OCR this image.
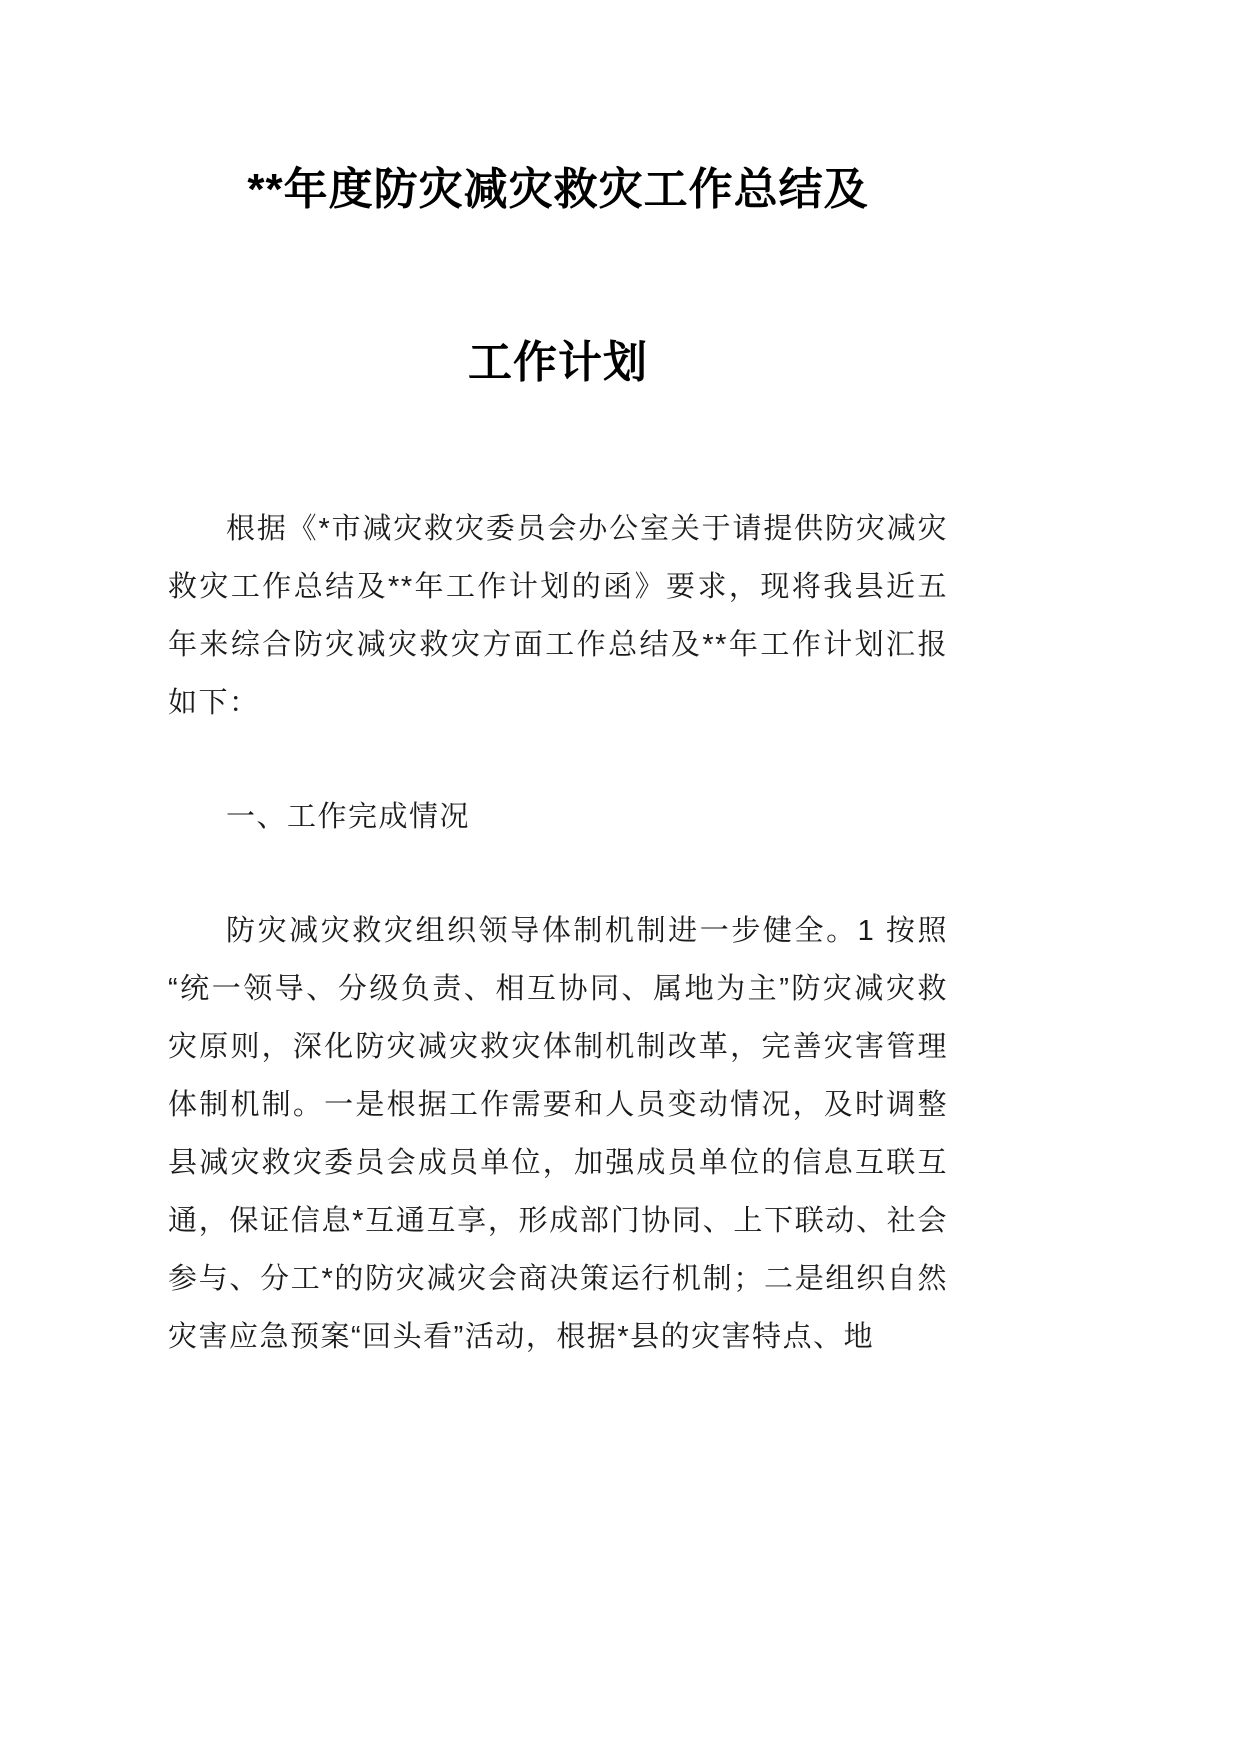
**年度防灾减灾救灾工作总结及
工作计划

根据《*市减灾救灾委员会办公室关于请提供防灾减灾救灾工作总结及**年工作计划的函》要求，现将我县近五年来综合防灾减灾救灾方面工作总结及**年工作计划汇报如下：

一、工作完成情况

防灾减灾救灾组织领导体制机制进一步健全。1 按照“统一领导、分级负责、相互协同、属地为主”防灾减灾救灾原则，深化防灾减灾救灾体制机制改革，完善灾害管理体制机制。一是根据工作需要和人员变动情况，及时调整县减灾救灾委员会成员单位，加强成员单位的信息互联互通，保证信息*互通互享，形成部门协同、上下联动、社会参与、分工*的防灾减灾会商决策运行机制；二是组织自然灾害应急预案“回头看”活动，根据*县的灾害特点、地
